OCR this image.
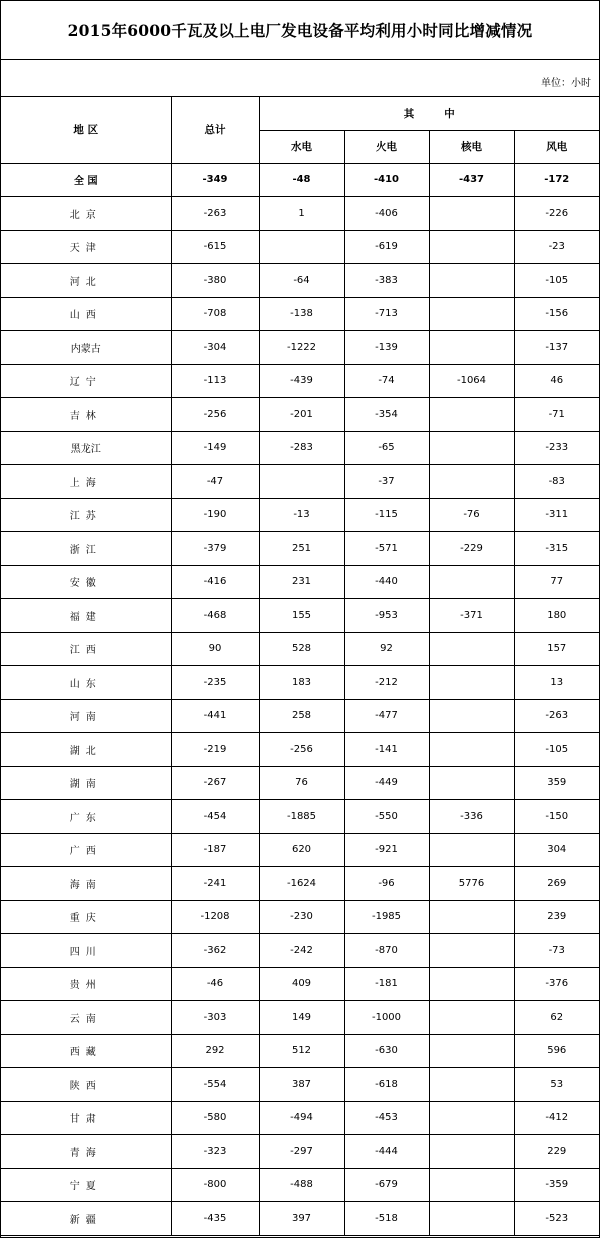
2015年6000千瓦及以上电厂发电设备平均利用小时同比增减情况
单位：小时
地 区	总计	其 中			
		水电	火电	核电	风电
全 国	-349	-48	-410	-437	-172
北京	-263	1	-406		-226
天津	-615		-619		-23
河北	-380	-64	-383		-105
山西	-708	-138	-713		-156
内蒙古	-304	-1222	-139		-137
辽宁	-113	-439	-74	-1064	46
吉林	-256	-201	-354		-71
黑龙江	-149	-283	-65		-233
上海	-47		-37		-83
江苏	-190	-13	-115	-76	-311
浙江	-379	251	-571	-229	-315
安徽	-416	231	-440		77
福建	-468	155	-953	-371	180
江西	90	528	92		157
山东	-235	183	-212		13
河南	-441	258	-477		-263
湖北	-219	-256	-141		-105
湖南	-267	76	-449		359
广东	-454	-1885	-550	-336	-150
广西	-187	620	-921		304
海南	-241	-1624	-96	5776	269
重庆	-1208	-230	-1985		239
四川	-362	-242	-870		-73
贵州	-46	409	-181		-376
云南	-303	149	-1000		62
西藏	292	512	-630		596
陕西	-554	387	-618		53
甘肃	-580	-494	-453		-412
青海	-323	-297	-444		229
宁夏	-800	-488	-679		-359
新疆	-435	397	-518		-523
